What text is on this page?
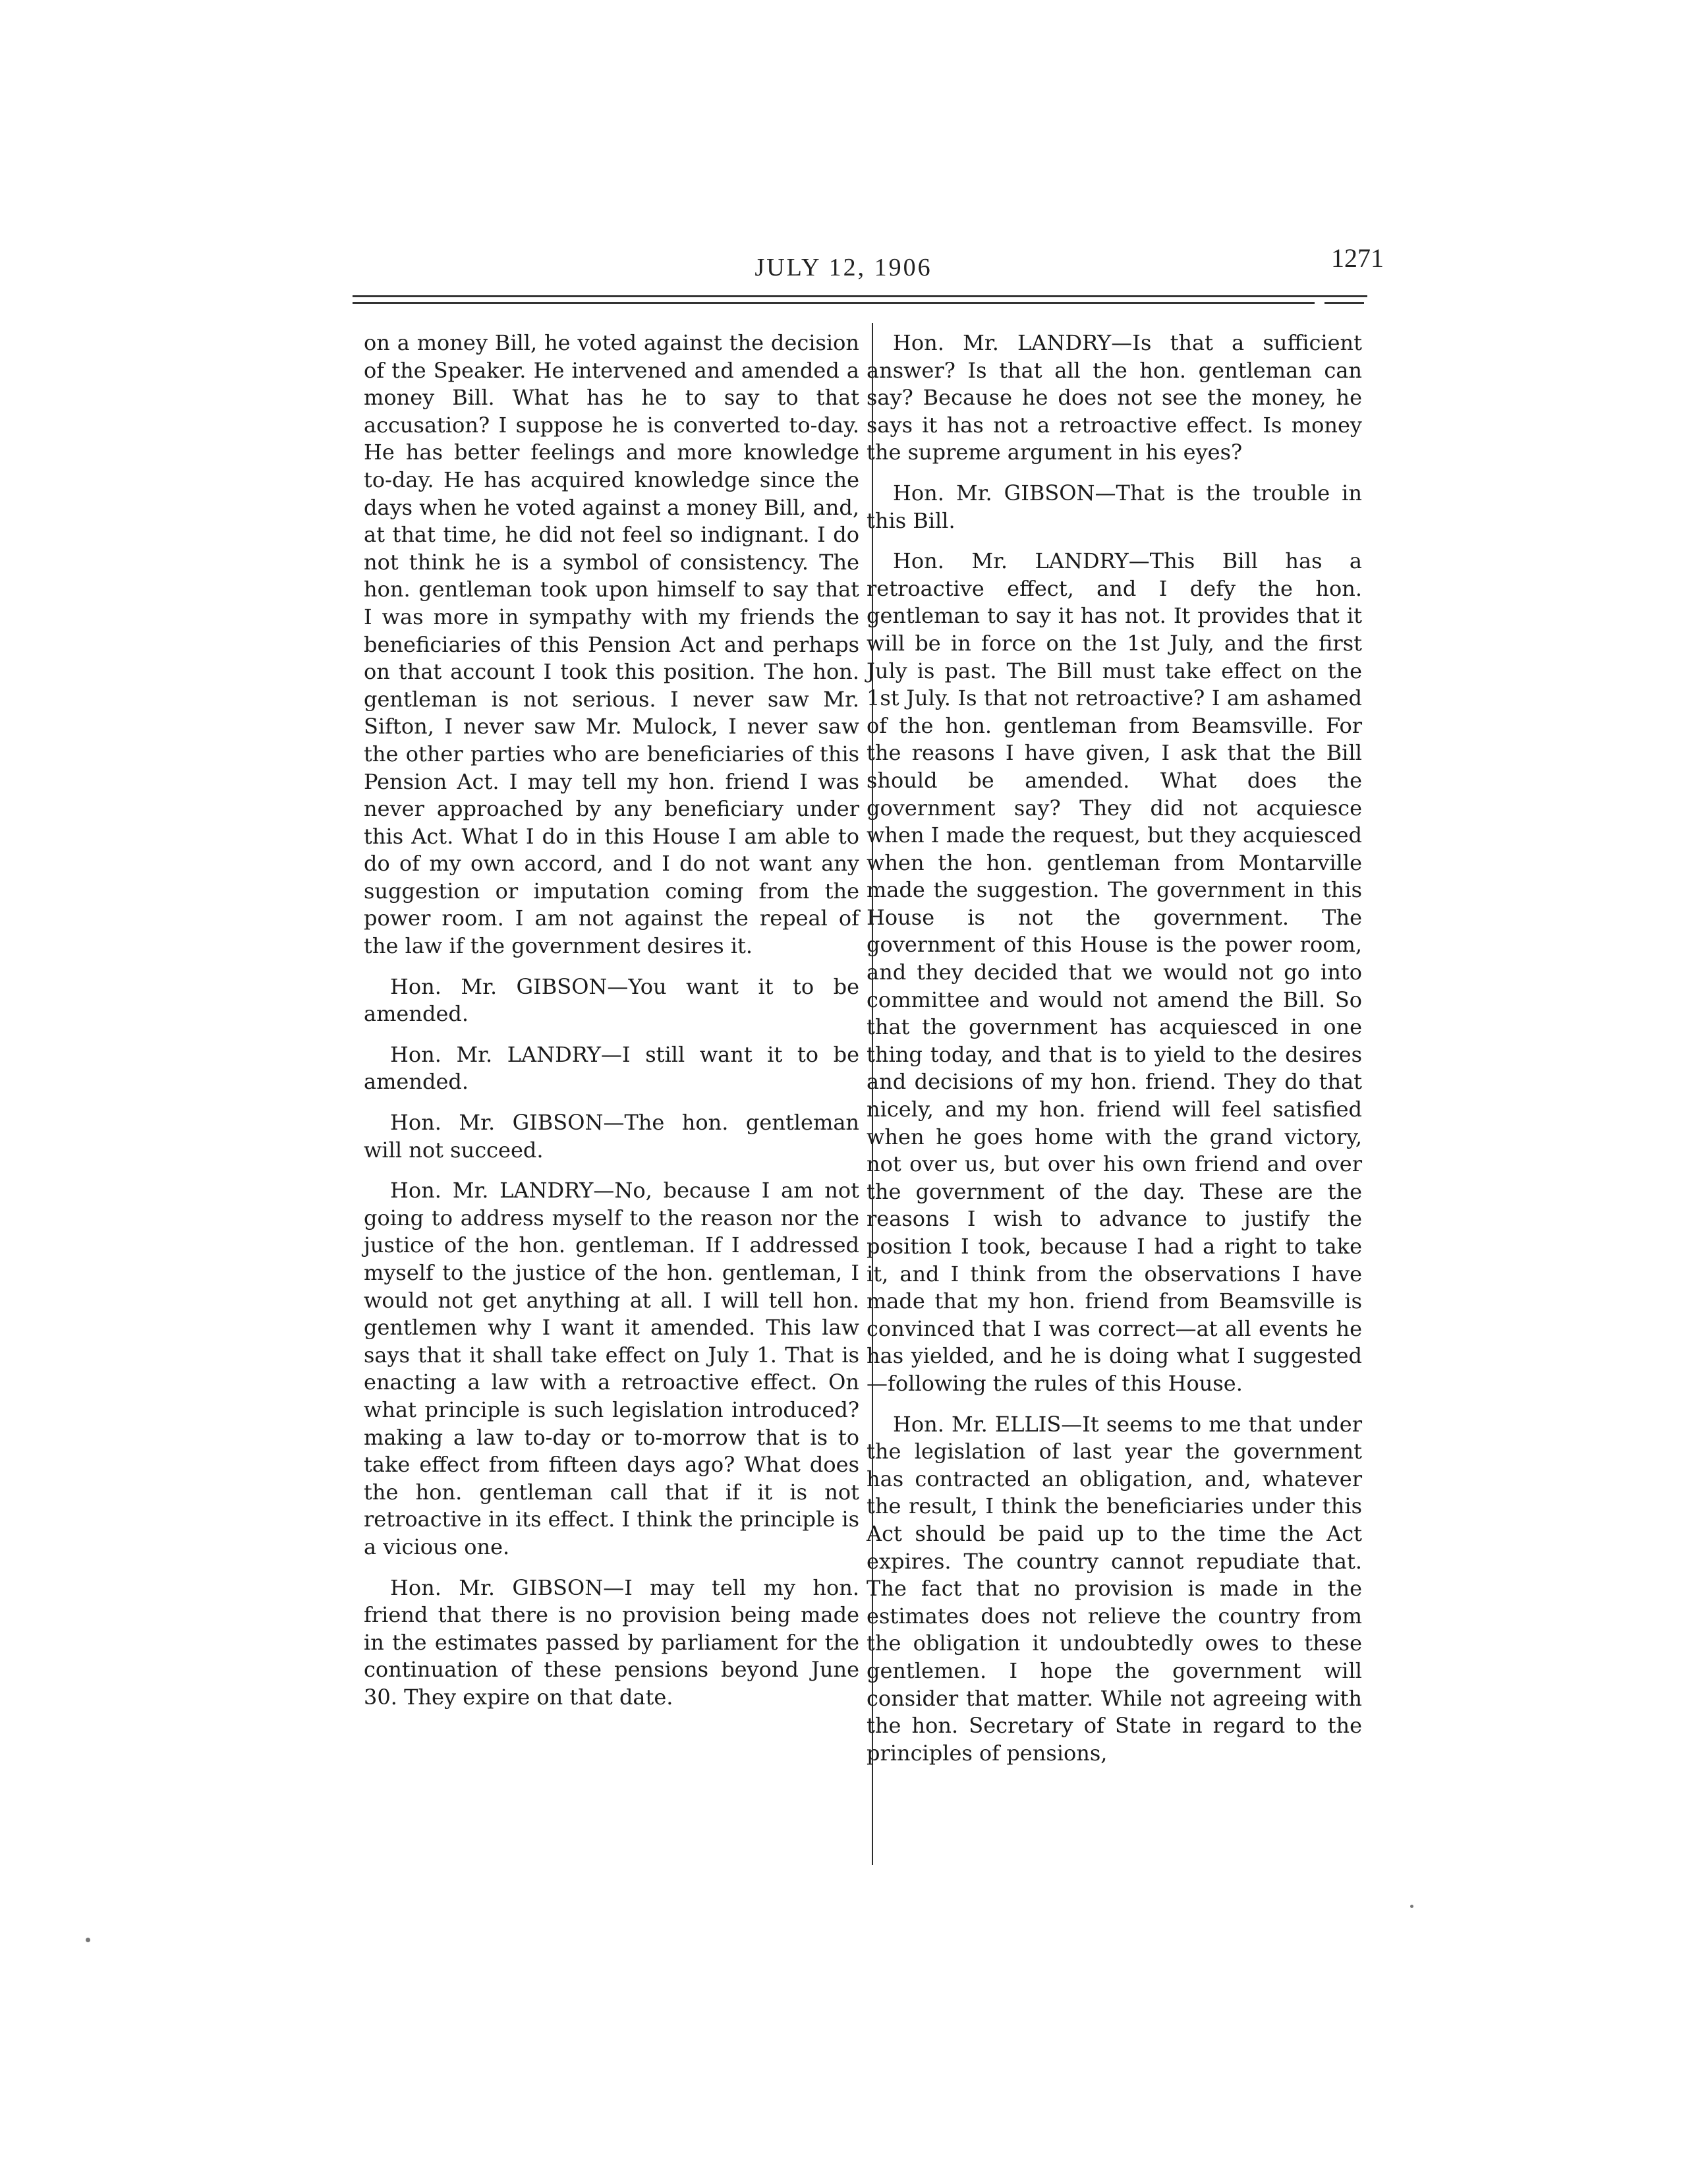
JULY 12, 1906	1271

on a money Bill, he voted against the decision of the Speaker. He intervened and amended a money Bill. What has he to say to that accusation? I suppose he is converted to-day. He has better feelings and more knowledge to-day. He has acquired knowledge since the days when he voted against a money Bill, and, at that time, he did not feel so indignant. I do not think he is a symbol of consistency. The hon. gentleman took upon himself to say that I was more in sympathy with my friends the beneficiaries of this Pension Act and perhaps on that account I took this position. The hon. gentleman is not serious. I never saw Mr. Sifton, I never saw Mr. Mulock, I never saw the other parties who are beneficiaries of this Pension Act. I may tell my hon. friend I was never approached by any beneficiary under this Act. What I do in this House I am able to do of my own accord, and I do not want any suggestion or imputation coming from the power room. I am not against the repeal of the law if the government desires it.

Hon. Mr. GIBSON—You want it to be amended.

Hon. Mr. LANDRY—I still want it to be amended.

Hon. Mr. GIBSON—The hon. gentleman will not succeed.

Hon. Mr. LANDRY—No, because I am not going to address myself to the reason nor the justice of the hon. gentleman. If I addressed myself to the justice of the hon. gentleman, I would not get anything at all. I will tell hon. gentlemen why I want it amended. This law says that it shall take effect on July 1. That is enacting a law with a retroactive effect. On what principle is such legislation introduced? making a law to-day or to-morrow that is to take effect from fifteen days ago? What does the hon. gentleman call that if it is not retroactive in its effect. I think the principle is a vicious one.

Hon. Mr. GIBSON—I may tell my hon. friend that there is no provision being made in the estimates passed by parliament for the continuation of these pensions beyond June 30. They expire on that date.

Hon. Mr. LANDRY—Is that a sufficient answer? Is that all the hon. gentleman can say? Because he does not see the money, he says it has not a retroactive effect. Is money the supreme argument in his eyes?

Hon. Mr. GIBSON—That is the trouble in this Bill.

Hon. Mr. LANDRY—This Bill has a retroactive effect, and I defy the hon. gentleman to say it has not. It provides that it will be in force on the 1st July, and the first July is past. The Bill must take effect on the 1st July. Is that not retroactive? I am ashamed of the hon. gentleman from Beamsville. For the reasons I have given, I ask that the Bill should be amended. What does the government say? They did not acquiesce when I made the request, but they acquiesced when the hon. gentleman from Montarville made the suggestion. The government in this House is not the government. The government of this House is the power room, and they decided that we would not go into committee and would not amend the Bill. So that the government has acquiesced in one thing today, and that is to yield to the desires and decisions of my hon. friend. They do that nicely, and my hon. friend will feel satisfied when he goes home with the grand victory, not over us, but over his own friend and over the government of the day. These are the reasons I wish to advance to justify the position I took, because I had a right to take it, and I think from the observations I have made that my hon. friend from Beamsville is convinced that I was correct—at all events he has yielded, and he is doing what I suggested—following the rules of this House.

Hon. Mr. ELLIS—It seems to me that under the legislation of last year the government has contracted an obligation, and, whatever the result, I think the beneficiaries under this Act should be paid up to the time the Act expires. The country cannot repudiate that. The fact that no provision is made in the estimates does not relieve the country from the obligation it undoubtedly owes to these gentlemen. I hope the government will consider that matter. While not agreeing with the hon. Secretary of State in regard to the principles of pensions,
